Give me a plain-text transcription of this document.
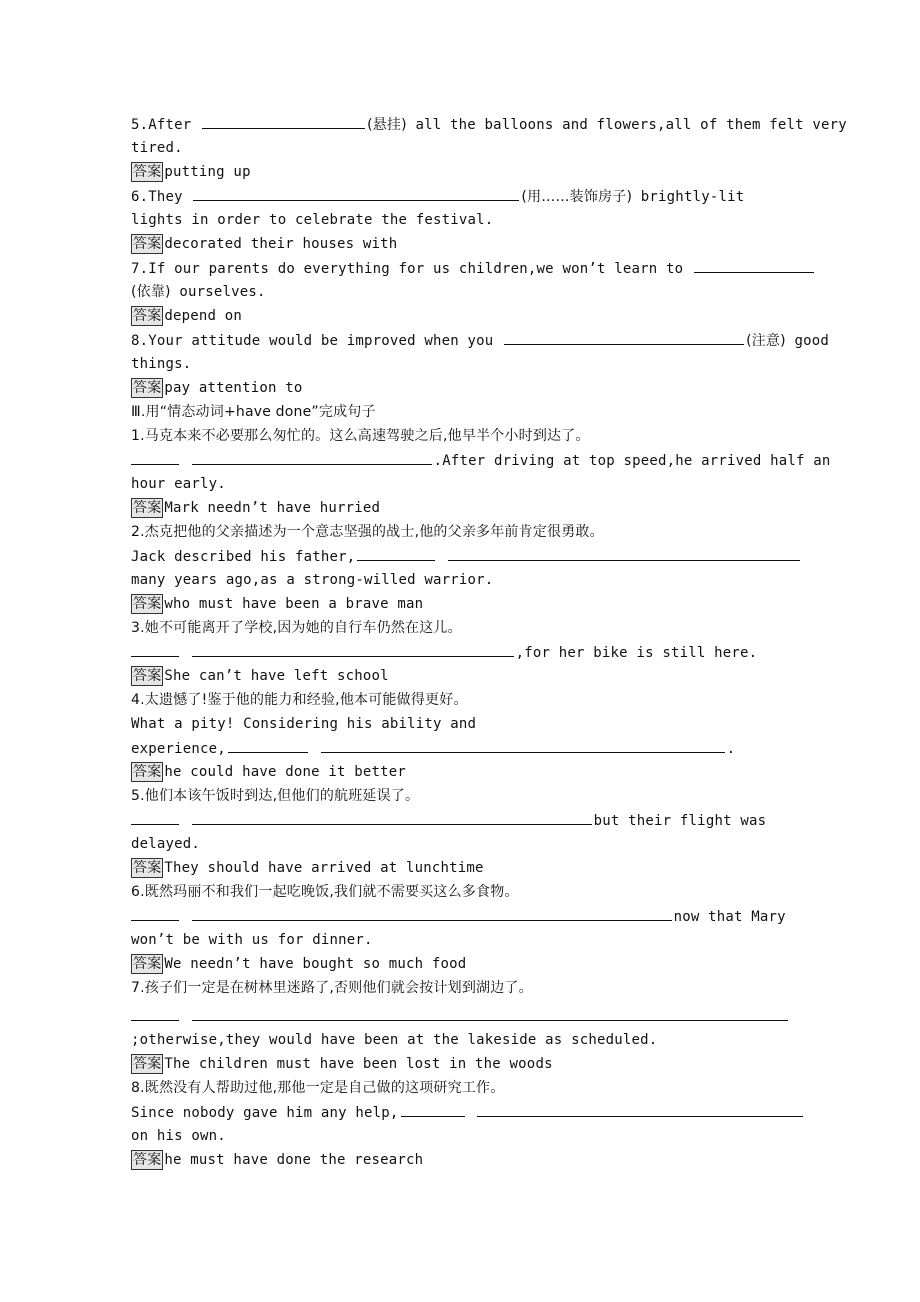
5.After	(悬挂) all the balloons and flowers,all of them felt very
tired.
答案 putting up
6.They	(用……装饰房子) brightly-lit
lights in order to celebrate the festival.
答案 decorated their houses with
7.If our parents do everything for us children,we won’t learn to
(依靠) ourselves.
答案 depend on
8.Your attitude would be improved when you	(注意) good
things.
答案 pay attention to
Ⅲ.用“情态动词+have done”完成句子
1.马克本来不必要那么匆忙的。这么高速驾驶之后,他早半个小时到达了。
.After driving at top speed,he arrived half an
hour early.
答案 Mark needn’t have hurried
2.杰克把他的父亲描述为一个意志坚强的战士,他的父亲多年前肯定很勇敢。
Jack described his father,
many years ago,as a strong-willed warrior.
答案 who must have been a brave man
3.她不可能离开了学校,因为她的自行车仍然在这儿。
,for her bike is still here.
答案 She can’t have left school
4.太遗憾了!鉴于他的能力和经验,他本可能做得更好。
What a pity! Considering his ability and
experience,	.
答案 he could have done it better
5.他们本该午饭时到达,但他们的航班延误了。
but their flight was
delayed.
答案 They should have arrived at lunchtime
6.既然玛丽不和我们一起吃晚饭,我们就不需要买这么多食物。
now that Mary
won’t be with us for dinner.
答案 We needn’t have bought so much food
7.孩子们一定是在树林里迷路了,否则他们就会按计划到湖边了。

;otherwise,they would have been at the lakeside as scheduled.
答案 The children must have been lost in the woods
8.既然没有人帮助过他,那他一定是自己做的这项研究工作。
Since nobody gave him any help,
on his own.
答案 he must have done the research
